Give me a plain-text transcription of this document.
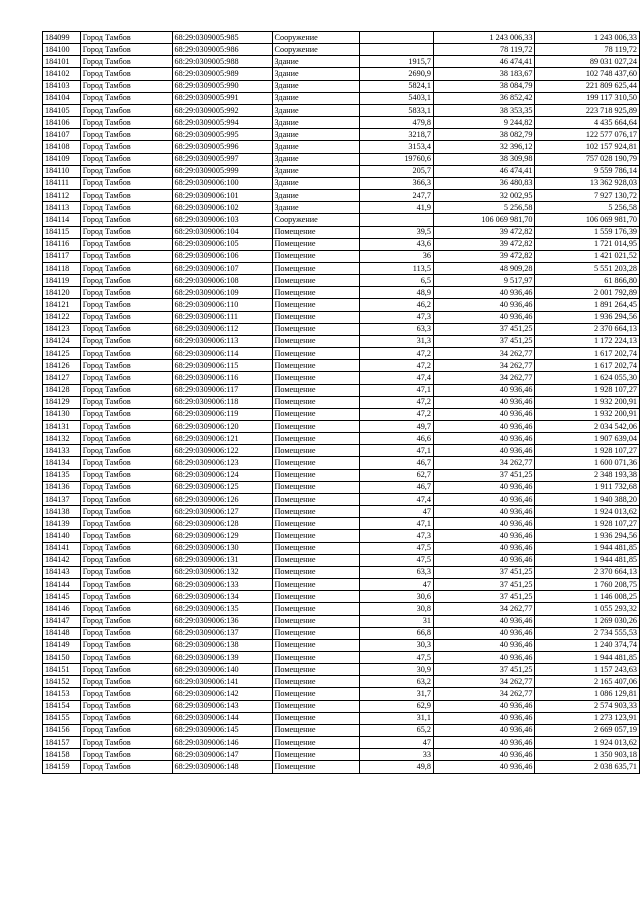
184099	Город Тамбов	68:29:0309005:985	Сооружение		1 243 006,33	1 243 006,33
184100	Город Тамбов	68:29:0309005:986	Сооружение		78 119,72	78 119,72
184101	Город Тамбов	68:29:0309005:988	Здание	1915,7	46 474,41	89 031 027,24
184102	Город Тамбов	68:29:0309005:989	Здание	2690,9	38 183,67	102 748 437,60
184103	Город Тамбов	68:29:0309005:990	Здание	5824,1	38 084,79	221 809 625,44
184104	Город Тамбов	68:29:0309005:991	Здание	5403,1	36 852,42	199 117 310,50
184105	Город Тамбов	68:29:0309005:992	Здание	5833,1	38 353,35	223 718 925,89
184106	Город Тамбов	68:29:0309005:994	Здание	479,8	9 244,82	4 435 664,64
184107	Город Тамбов	68:29:0309005:995	Здание	3218,7	38 082,79	122 577 076,17
184108	Город Тамбов	68:29:0309005:996	Здание	3153,4	32 396,12	102 157 924,81
184109	Город Тамбов	68:29:0309005:997	Здание	19760,6	38 309,98	757 028 190,79
184110	Город Тамбов	68:29:0309005:999	Здание	205,7	46 474,41	9 559 786,14
184111	Город Тамбов	68:29:0309006:100	Здание	366,3	36 480,83	13 362 928,03
184112	Город Тамбов	68:29:0309006:101	Здание	247,7	32 002,95	7 927 130,72
184113	Город Тамбов	68:29:0309006:102	Здание	41,9	5 256,58	5 256,58
184114	Город Тамбов	68:29:0309006:103	Сооружение		106 069 981,70	106 069 981,70
184115	Город Тамбов	68:29:0309006:104	Помещение	39,5	39 472,82	1 559 176,39
184116	Город Тамбов	68:29:0309006:105	Помещение	43,6	39 472,82	1 721 014,95
184117	Город Тамбов	68:29:0309006:106	Помещение	36	39 472,82	1 421 021,52
184118	Город Тамбов	68:29:0309006:107	Помещение	113,5	48 909,28	5 551 203,28
184119	Город Тамбов	68:29:0309006:108	Помещение	6,5	9 517,97	61 866,80
184120	Город Тамбов	68:29:0309006:109	Помещение	48,9	40 936,46	2 001 792,89
184121	Город Тамбов	68:29:0309006:110	Помещение	46,2	40 936,46	1 891 264,45
184122	Город Тамбов	68:29:0309006:111	Помещение	47,3	40 936,46	1 936 294,56
184123	Город Тамбов	68:29:0309006:112	Помещение	63,3	37 451,25	2 370 664,13
184124	Город Тамбов	68:29:0309006:113	Помещение	31,3	37 451,25	1 172 224,13
184125	Город Тамбов	68:29:0309006:114	Помещение	47,2	34 262,77	1 617 202,74
184126	Город Тамбов	68:29:0309006:115	Помещение	47,2	34 262,77	1 617 202,74
184127	Город Тамбов	68:29:0309006:116	Помещение	47,4	34 262,77	1 624 055,30
184128	Город Тамбов	68:29:0309006:117	Помещение	47,1	40 936,46	1 928 107,27
184129	Город Тамбов	68:29:0309006:118	Помещение	47,2	40 936,46	1 932 200,91
184130	Город Тамбов	68:29:0309006:119	Помещение	47,2	40 936,46	1 932 200,91
184131	Город Тамбов	68:29:0309006:120	Помещение	49,7	40 936,46	2 034 542,06
184132	Город Тамбов	68:29:0309006:121	Помещение	46,6	40 936,46	1 907 639,04
184133	Город Тамбов	68:29:0309006:122	Помещение	47,1	40 936,46	1 928 107,27
184134	Город Тамбов	68:29:0309006:123	Помещение	46,7	34 262,77	1 600 071,36
184135	Город Тамбов	68:29:0309006:124	Помещение	62,7	37 451,25	2 348 193,38
184136	Город Тамбов	68:29:0309006:125	Помещение	46,7	40 936,46	1 911 732,68
184137	Город Тамбов	68:29:0309006:126	Помещение	47,4	40 936,46	1 940 388,20
184138	Город Тамбов	68:29:0309006:127	Помещение	47	40 936,46	1 924 013,62
184139	Город Тамбов	68:29:0309006:128	Помещение	47,1	40 936,46	1 928 107,27
184140	Город Тамбов	68:29:0309006:129	Помещение	47,3	40 936,46	1 936 294,56
184141	Город Тамбов	68:29:0309006:130	Помещение	47,5	40 936,46	1 944 481,85
184142	Город Тамбов	68:29:0309006:131	Помещение	47,5	40 936,46	1 944 481,85
184143	Город Тамбов	68:29:0309006:132	Помещение	63,3	37 451,25	2 370 664,13
184144	Город Тамбов	68:29:0309006:133	Помещение	47	37 451,25	1 760 208,75
184145	Город Тамбов	68:29:0309006:134	Помещение	30,6	37 451,25	1 146 008,25
184146	Город Тамбов	68:29:0309006:135	Помещение	30,8	34 262,77	1 055 293,32
184147	Город Тамбов	68:29:0309006:136	Помещение	31	40 936,46	1 269 030,26
184148	Город Тамбов	68:29:0309006:137	Помещение	66,8	40 936,46	2 734 555,53
184149	Город Тамбов	68:29:0309006:138	Помещение	30,3	40 936,46	1 240 374,74
184150	Город Тамбов	68:29:0309006:139	Помещение	47,5	40 936,46	1 944 481,85
184151	Город Тамбов	68:29:0309006:140	Помещение	30,9	37 451,25	1 157 243,63
184152	Город Тамбов	68:29:0309006:141	Помещение	63,2	34 262,77	2 165 407,06
184153	Город Тамбов	68:29:0309006:142	Помещение	31,7	34 262,77	1 086 129,81
184154	Город Тамбов	68:29:0309006:143	Помещение	62,9	40 936,46	2 574 903,33
184155	Город Тамбов	68:29:0309006:144	Помещение	31,1	40 936,46	1 273 123,91
184156	Город Тамбов	68:29:0309006:145	Помещение	65,2	40 936,46	2 669 057,19
184157	Город Тамбов	68:29:0309006:146	Помещение	47	40 936,46	1 924 013,62
184158	Город Тамбов	68:29:0309006:147	Помещение	33	40 936,46	1 350 903,18
184159	Город Тамбов	68:29:0309006:148	Помещение	49,8	40 936,46	2 038 635,71
